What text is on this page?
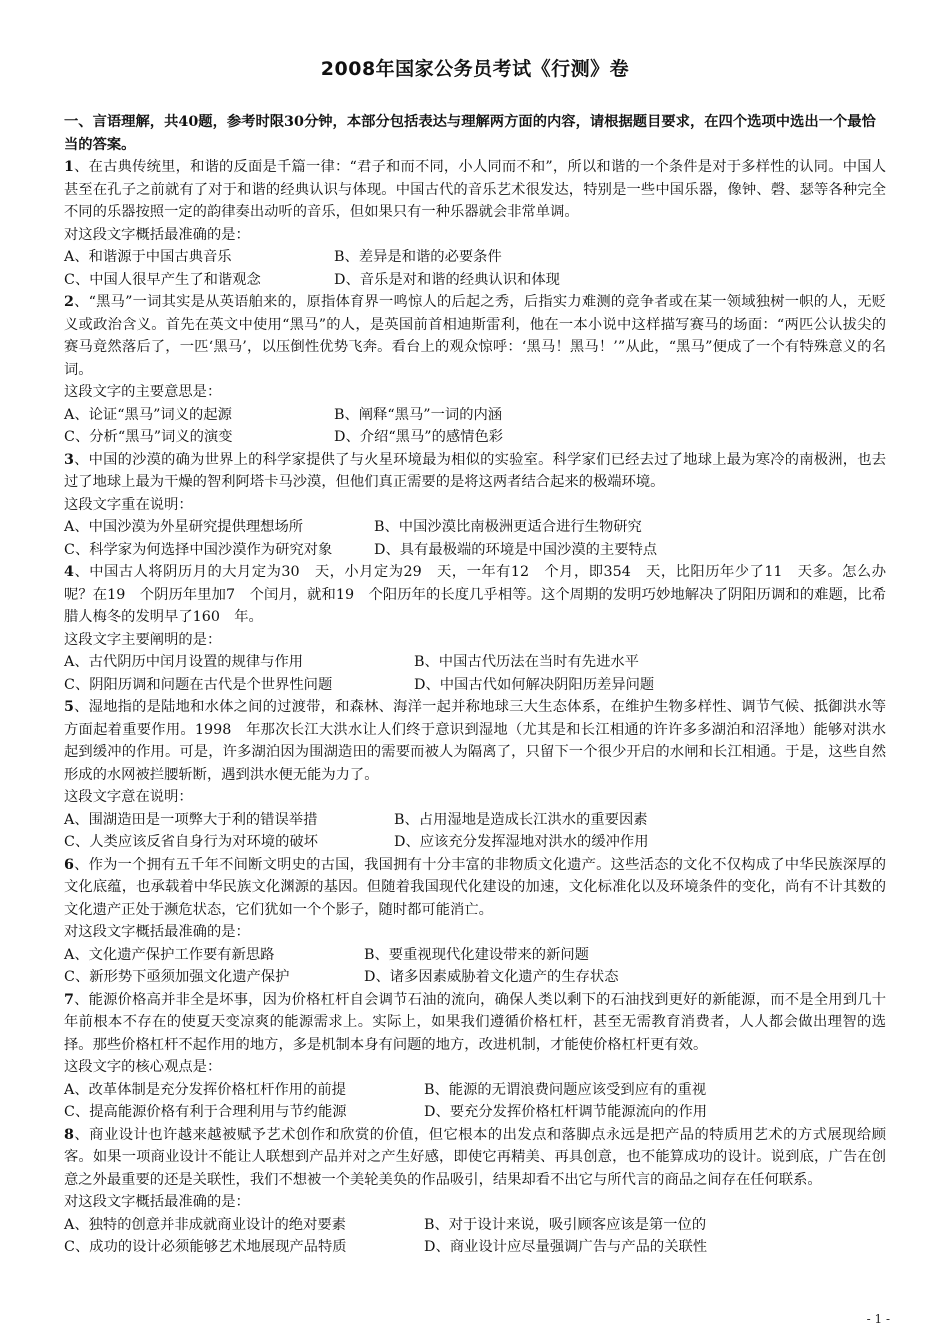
2008年国家公务员考试《行测》卷

一、言语理解，共40题，参考时限30分钟，本部分包括表达与理解两方面的内容，请根据题目要求，在四个选项中选出一个最恰当的答案。

1、在古典传统里，和谐的反面是千篇一律：“君子和而不同，小人同而不和”，所以和谐的一个条件是对于多样性的认同。中国人甚至在孔子之前就有了对于和谐的经典认识与体现。中国古代的音乐艺术很发达，特别是一些中国乐器，像钟、磬、瑟等各种完全不同的乐器按照一定的韵律奏出动听的音乐，但如果只有一种乐器就会非常单调。

对这段文字概括最准确的是：

A、和谐源于中国古典音乐	B、差异是和谐的必要条件
C、中国人很早产生了和谐观念	D、音乐是对和谐的经典认识和体现

2、“黑马”一词其实是从英语舶来的，原指体育界一鸣惊人的后起之秀，后指实力难测的竞争者或在某一领域独树一帜的人，无贬义或政治含义。首先在英文中使用“黑马”的人，是英国前首相迪斯雷利，他在一本小说中这样描写赛马的场面：“两匹公认拔尖的赛马竟然落后了，一匹‘黑马’，以压倒性优势飞奔。看台上的观众惊呼：‘黑马！黑马！’”从此，“黑马”便成了一个有特殊意义的名词。

这段文字的主要意思是：

A、论证“黑马”词义的起源	B、阐释“黑马”一词的内涵
C、分析“黑马”词义的演变	D、介绍“黑马”的感情色彩

3、中国的沙漠的确为世界上的科学家提供了与火星环境最为相似的实验室。科学家们已经去过了地球上最为寒冷的南极洲，也去过了地球上最为干燥的智利阿塔卡马沙漠，但他们真正需要的是将这两者结合起来的极端环境。

这段文字重在说明：

A、中国沙漠为外星研究提供理想场所	B、中国沙漠比南极洲更适合进行生物研究
C、科学家为何选择中国沙漠作为研究对象	D、具有最极端的环境是中国沙漠的主要特点

4、中国古人将阴历月的大月定为30　天，小月定为29　天，一年有12　个月，即354　天，比阳历年少了11　天多。怎么办呢？在19　个阴历年里加7　个闰月，就和19　个阳历年的长度几乎相等。这个周期的发明巧妙地解决了阴阳历调和的难题，比希腊人梅冬的发明早了160　年。

这段文字主要阐明的是：

A、古代阴历中闰月设置的规律与作用	B、中国古代历法在当时有先进水平
C、阴阳历调和问题在古代是个世界性问题	D、中国古代如何解决阴阳历差异问题

5、湿地指的是陆地和水体之间的过渡带，和森林、海洋一起并称地球三大生态体系，在维护生物多样性、调节气候、抵御洪水等方面起着重要作用。1998　年那次长江大洪水让人们终于意识到湿地（尤其是和长江相通的许许多多湖泊和沼泽地）能够对洪水起到缓冲的作用。可是，许多湖泊因为围湖造田的需要而被人为隔离了，只留下一个很少开启的水闸和长江相通。于是，这些自然形成的水网被拦腰斩断，遇到洪水便无能为力了。

这段文字意在说明：

A、围湖造田是一项弊大于利的错误举措	B、占用湿地是造成长江洪水的重要因素
C、人类应该反省自身行为对环境的破坏	D、应该充分发挥湿地对洪水的缓冲作用

6、作为一个拥有五千年不间断文明史的古国，我国拥有十分丰富的非物质文化遗产。这些活态的文化不仅构成了中华民族深厚的文化底蕴，也承载着中华民族文化渊源的基因。但随着我国现代化建设的加速，文化标准化以及环境条件的变化，尚有不计其数的文化遗产正处于濒危状态，它们犹如一个个影子，随时都可能消亡。

对这段文字概括最准确的是：

A、文化遗产保护工作要有新思路	B、要重视现代化建设带来的新问题
C、新形势下亟须加强文化遗产保护	D、诸多因素威胁着文化遗产的生存状态

7、能源价格高并非全是坏事，因为价格杠杆自会调节石油的流向，确保人类以剩下的石油找到更好的新能源，而不是全用到几十年前根本不存在的使夏天变凉爽的能源需求上。实际上，如果我们遵循价格杠杆，甚至无需教育消费者，人人都会做出理智的选择。那些价格杠杆不起作用的地方，多是机制本身有问题的地方，改进机制，才能使价格杠杆更有效。

这段文字的核心观点是：

A、改革体制是充分发挥价格杠杆作用的前提	B、能源的无谓浪费问题应该受到应有的重视
C、提高能源价格有利于合理利用与节约能源	D、要充分发挥价格杠杆调节能源流向的作用

8、商业设计也许越来越被赋予艺术创作和欣赏的价值，但它根本的出发点和落脚点永远是把产品的特质用艺术的方式展现给顾客。如果一项商业设计不能让人联想到产品并对之产生好感，即使它再精美、再具创意，也不能算成功的设计。说到底，广告在创意之外最重要的还是关联性，我们不想被一个美轮美奂的作品吸引，结果却看不出它与所代言的商品之间存在任何联系。

对这段文字概括最准确的是：

A、独特的创意并非成就商业设计的绝对要素	B、对于设计来说，吸引顾客应该是第一位的
C、成功的设计必须能够艺术地展现产品特质	D、商业设计应尽量强调广告与产品的关联性
- 1 -
